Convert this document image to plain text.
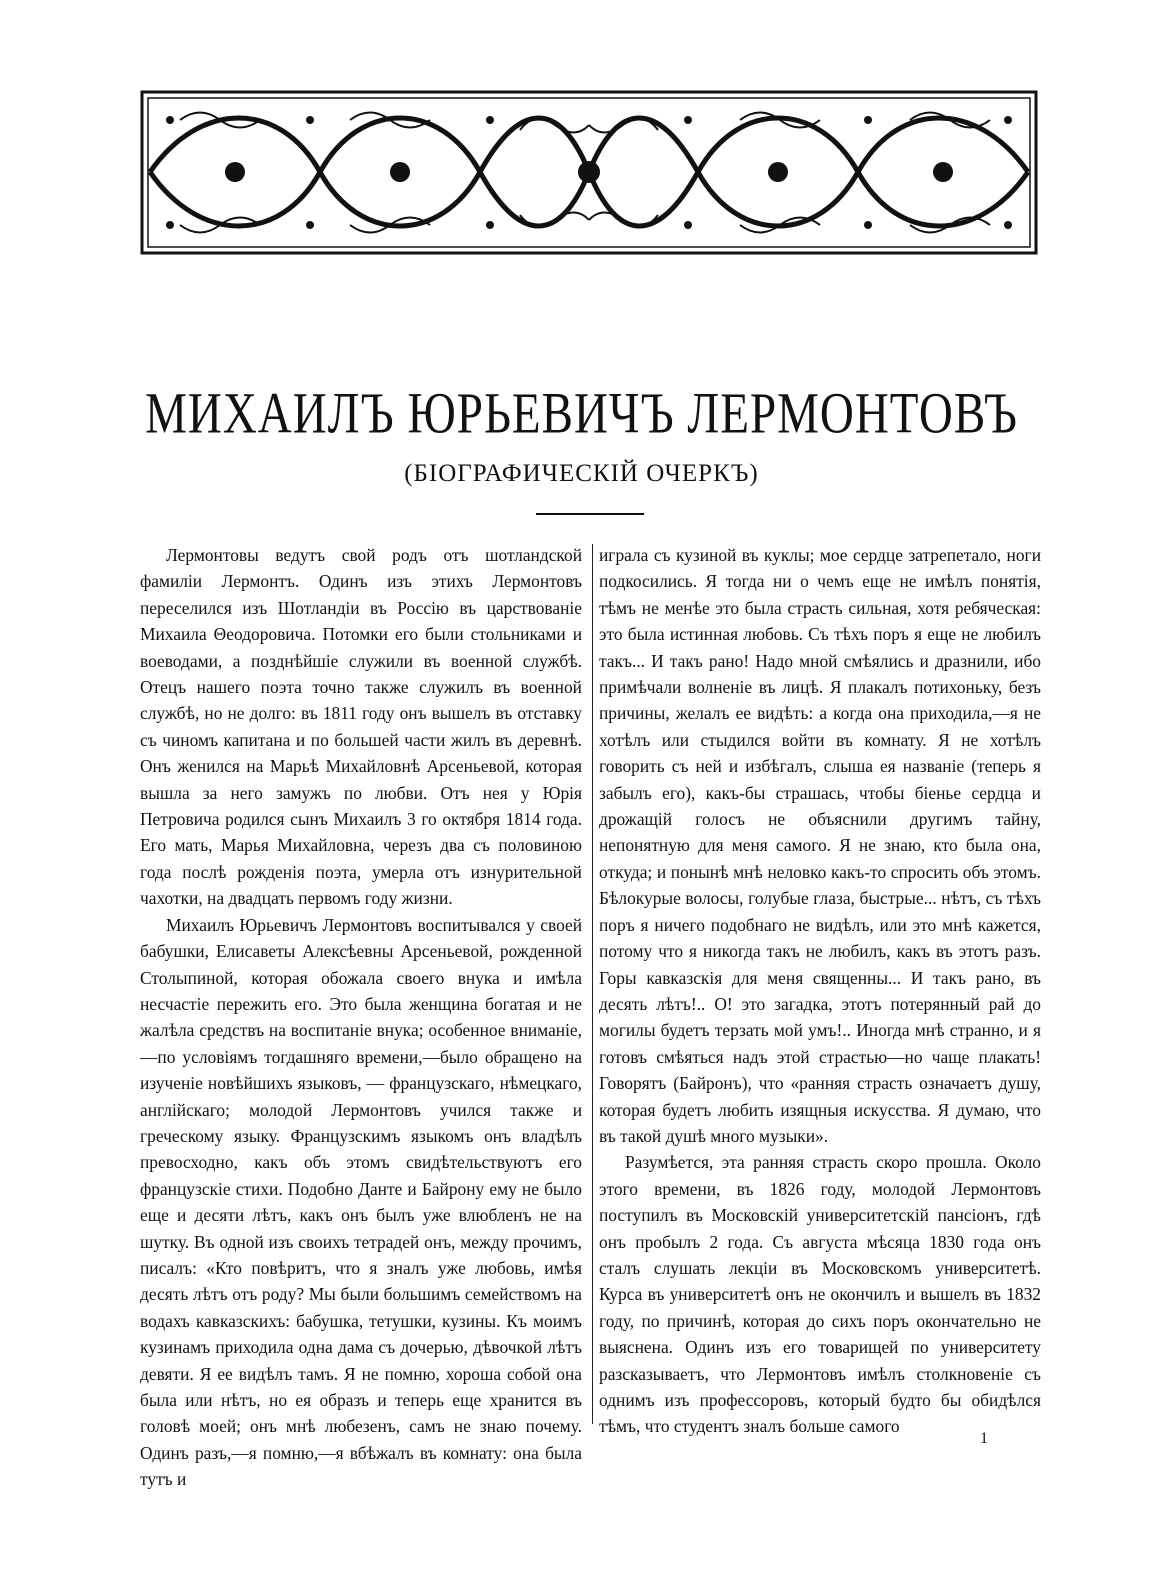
МИХАИЛЪ ЮРЬЕВИЧЪ ЛЕРМОНТОВЪ
(БІОГРАФИЧЕСКІЙ ОЧЕРКЪ)

Лермонтовы ведутъ свой родъ отъ шотландской фамиліи Лермонтъ. Одинъ изъ этихъ Лермонтовъ переселился изъ Шотландіи въ Россію въ царствованіе Михаила Θеодоровича. Потомки его были стольниками и воеводами, а позднѣйшіе служили въ военной службѣ. Отецъ нашего поэта точно также служилъ въ военной службѣ, но не долго: въ 1811 году онъ вышелъ въ отставку съ чиномъ капитана и по большей части жилъ въ деревнѣ. Онъ женился на Марьѣ Михайловнѣ Арсеньевой, которая вышла за него замужъ по любви. Отъ нея у Юрія Петровича родился сынъ Михаилъ 3 го октября 1814 года. Его мать, Марья Михайловна, черезъ два съ половиною года послѣ рожденія поэта, умерла отъ изнурительной чахотки, на двадцать первомъ году жизни.

Михаилъ Юрьевичъ Лермонтовъ воспитывался у своей бабушки, Елисаветы Алексѣевны Арсеньевой, рожденной Столыпиной, которая обожала своего внука и имѣла несчастіе пережить его. Это была женщина богатая и не жалѣла средствъ на воспитаніе внука; особенное вниманіе,—по условіямъ тогдашняго времени,—было обращено на изученіе новѣйшихъ языковъ, — французскаго, нѣмецкаго, англійскаго; молодой Лермонтовъ учился также и греческому языку. Французскимъ языкомъ онъ владѣлъ превосходно, какъ объ этомъ свидѣтельствуютъ его французскіе стихи. Подобно Данте и Байрону ему не было еще и десяти лѣтъ, какъ онъ былъ уже влюбленъ не на шутку. Въ одной изъ своихъ тетрадей онъ, между прочимъ, писалъ: «Кто повѣритъ, что я зналъ уже любовь, имѣя десять лѣтъ отъ роду? Мы были большимъ семействомъ на водахъ кавказскихъ: бабушка, тетушки, кузины. Къ моимъ кузинамъ приходила одна дама съ дочерью, дѣвочкой лѣтъ девяти. Я ее видѣлъ тамъ. Я не помню, хороша собой она была или нѣтъ, но ея образъ и теперь еще хранится въ головѣ моей; онъ мнѣ любезенъ, самъ не знаю почему. Одинъ разъ,—я помню,—я вбѣжалъ въ комнату: она была тутъ и

играла съ кузиной въ куклы; мое сердце затрепетало, ноги подкосились. Я тогда ни о чемъ еще не имѣлъ понятія, тѣмъ не менѣе это была страсть сильная, хотя ребяческая: это была истинная любовь. Съ тѣхъ поръ я еще не любилъ такъ... И такъ рано! Надо мной смѣялись и дразнили, ибо примѣчали волненіе въ лицѣ. Я плакалъ потихоньку, безъ причины, желалъ ее видѣть: а когда она приходила,—я не хотѣлъ или стыдился войти въ комнату. Я не хотѣлъ говорить съ ней и избѣгалъ, слыша ея названіе (теперь я забылъ его), какъ-бы страшась, чтобы біенье сердца и дрожащій голосъ не объяснили другимъ тайну, непонятную для меня самого. Я не знаю, кто была она, откуда; и понынѣ мнѣ неловко какъ-то спросить объ этомъ. Бѣлокурые волосы, голубые глаза, быстрые... нѣтъ, съ тѣхъ поръ я ничего подобнаго не видѣлъ, или это мнѣ кажется, потому что я никогда такъ не любилъ, какъ въ этотъ разъ. Горы кавказскія для меня священны... И такъ рано, въ десять лѣтъ!.. О! это загадка, этотъ потерянный рай до могилы будетъ терзать мой умъ!.. Иногда мнѣ странно, и я готовъ смѣяться надъ этой страстью—но чаще плакать! Говорятъ (Байронъ), что «ранняя страсть означаетъ душу, которая будетъ любить изящныя искусства. Я думаю, что въ такой душѣ много музыки».

Разумѣется, эта ранняя страсть скоро прошла. Около этого времени, въ 1826 году, молодой Лермонтовъ поступилъ въ Московскій университетскій пансіонъ, гдѣ онъ пробылъ 2 года. Съ августа мѣсяца 1830 года онъ сталъ слушать лекціи въ Московскомъ университетѣ. Курса въ университетѣ онъ не окончилъ и вышелъ въ 1832 году, по причинѣ, которая до сихъ поръ окончательно не выяснена. Одинъ изъ его товарищей по университету разсказываетъ, что Лермонтовъ имѣлъ столкновеніе съ однимъ изъ профессоровъ, который будто бы обидѣлся тѣмъ, что студентъ зналъ больше самого

1
